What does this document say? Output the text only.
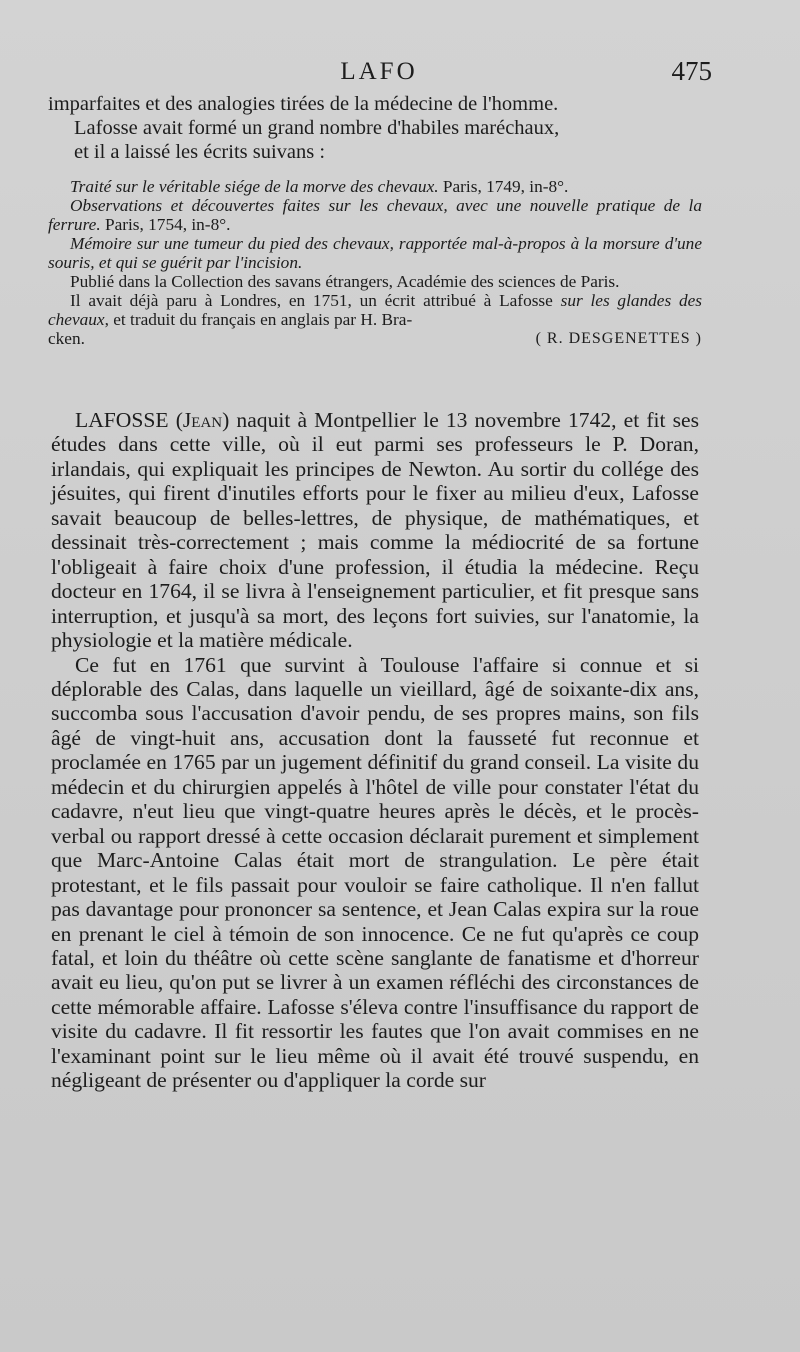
LAFO	475

imparfaites et des analogies tirées de la médecine de l'homme.

Lafosse avait formé un grand nombre d'habiles maréchaux,

et il a laissé les écrits suivans :

Traité sur le véritable siége de la morve des chevaux. Paris, 1749, in-8°.

Observations et découvertes faites sur les chevaux, avec une nouvelle pratique de la ferrure. Paris, 1754, in-8°.

Mémoire sur une tumeur du pied des chevaux, rapportée mal-à-propos à la morsure d'une souris, et qui se guérit par l'incision.

Publié dans la Collection des savans étrangers, Académie des sciences de Paris.

Il avait déjà paru à Londres, en 1751, un écrit attribué à Lafosse sur les glandes des chevaux, et traduit du français en anglais par H. Bra-

cken.	( R. DESGENETTES )

LAFOSSE (Jean) naquit à Montpellier le 13 novembre 1742, et fit ses études dans cette ville, où il eut parmi ses professeurs le P. Doran, irlandais, qui expliquait les principes de Newton. Au sortir du collége des jésuites, qui firent d'inutiles efforts pour le fixer au milieu d'eux, Lafosse savait beaucoup de belles-lettres, de physique, de mathématiques, et dessinait très-correctement ; mais comme la médiocrité de sa fortune l'obligeait à faire choix d'une profession, il étudia la médecine. Reçu docteur en 1764, il se livra à l'enseignement particulier, et fit presque sans interruption, et jusqu'à sa mort, des leçons fort suivies, sur l'anatomie, la physiologie et la matière médicale.

Ce fut en 1761 que survint à Toulouse l'affaire si connue et si déplorable des Calas, dans laquelle un vieillard, âgé de soixante-dix ans, succomba sous l'accusation d'avoir pendu, de ses propres mains, son fils âgé de vingt-huit ans, accusation dont la fausseté fut reconnue et proclamée en 1765 par un jugement définitif du grand conseil. La visite du médecin et du chirurgien appelés à l'hôtel de ville pour constater l'état du cadavre, n'eut lieu que vingt-quatre heures après le décès, et le procès-verbal ou rapport dressé à cette occasion déclarait purement et simplement que Marc-Antoine Calas était mort de strangulation. Le père était protestant, et le fils passait pour vouloir se faire catholique. Il n'en fallut pas davantage pour prononcer sa sentence, et Jean Calas expira sur la roue en prenant le ciel à témoin de son innocence. Ce ne fut qu'après ce coup fatal, et loin du théâtre où cette scène sanglante de fanatisme et d'horreur avait eu lieu, qu'on put se livrer à un examen réfléchi des circonstances de cette mémorable affaire. Lafosse s'éleva contre l'insuffisance du rapport de visite du cadavre. Il fit ressortir les fautes que l'on avait commises en ne l'examinant point sur le lieu même où il avait été trouvé suspendu, en négligeant de présenter ou d'appliquer la corde sur
